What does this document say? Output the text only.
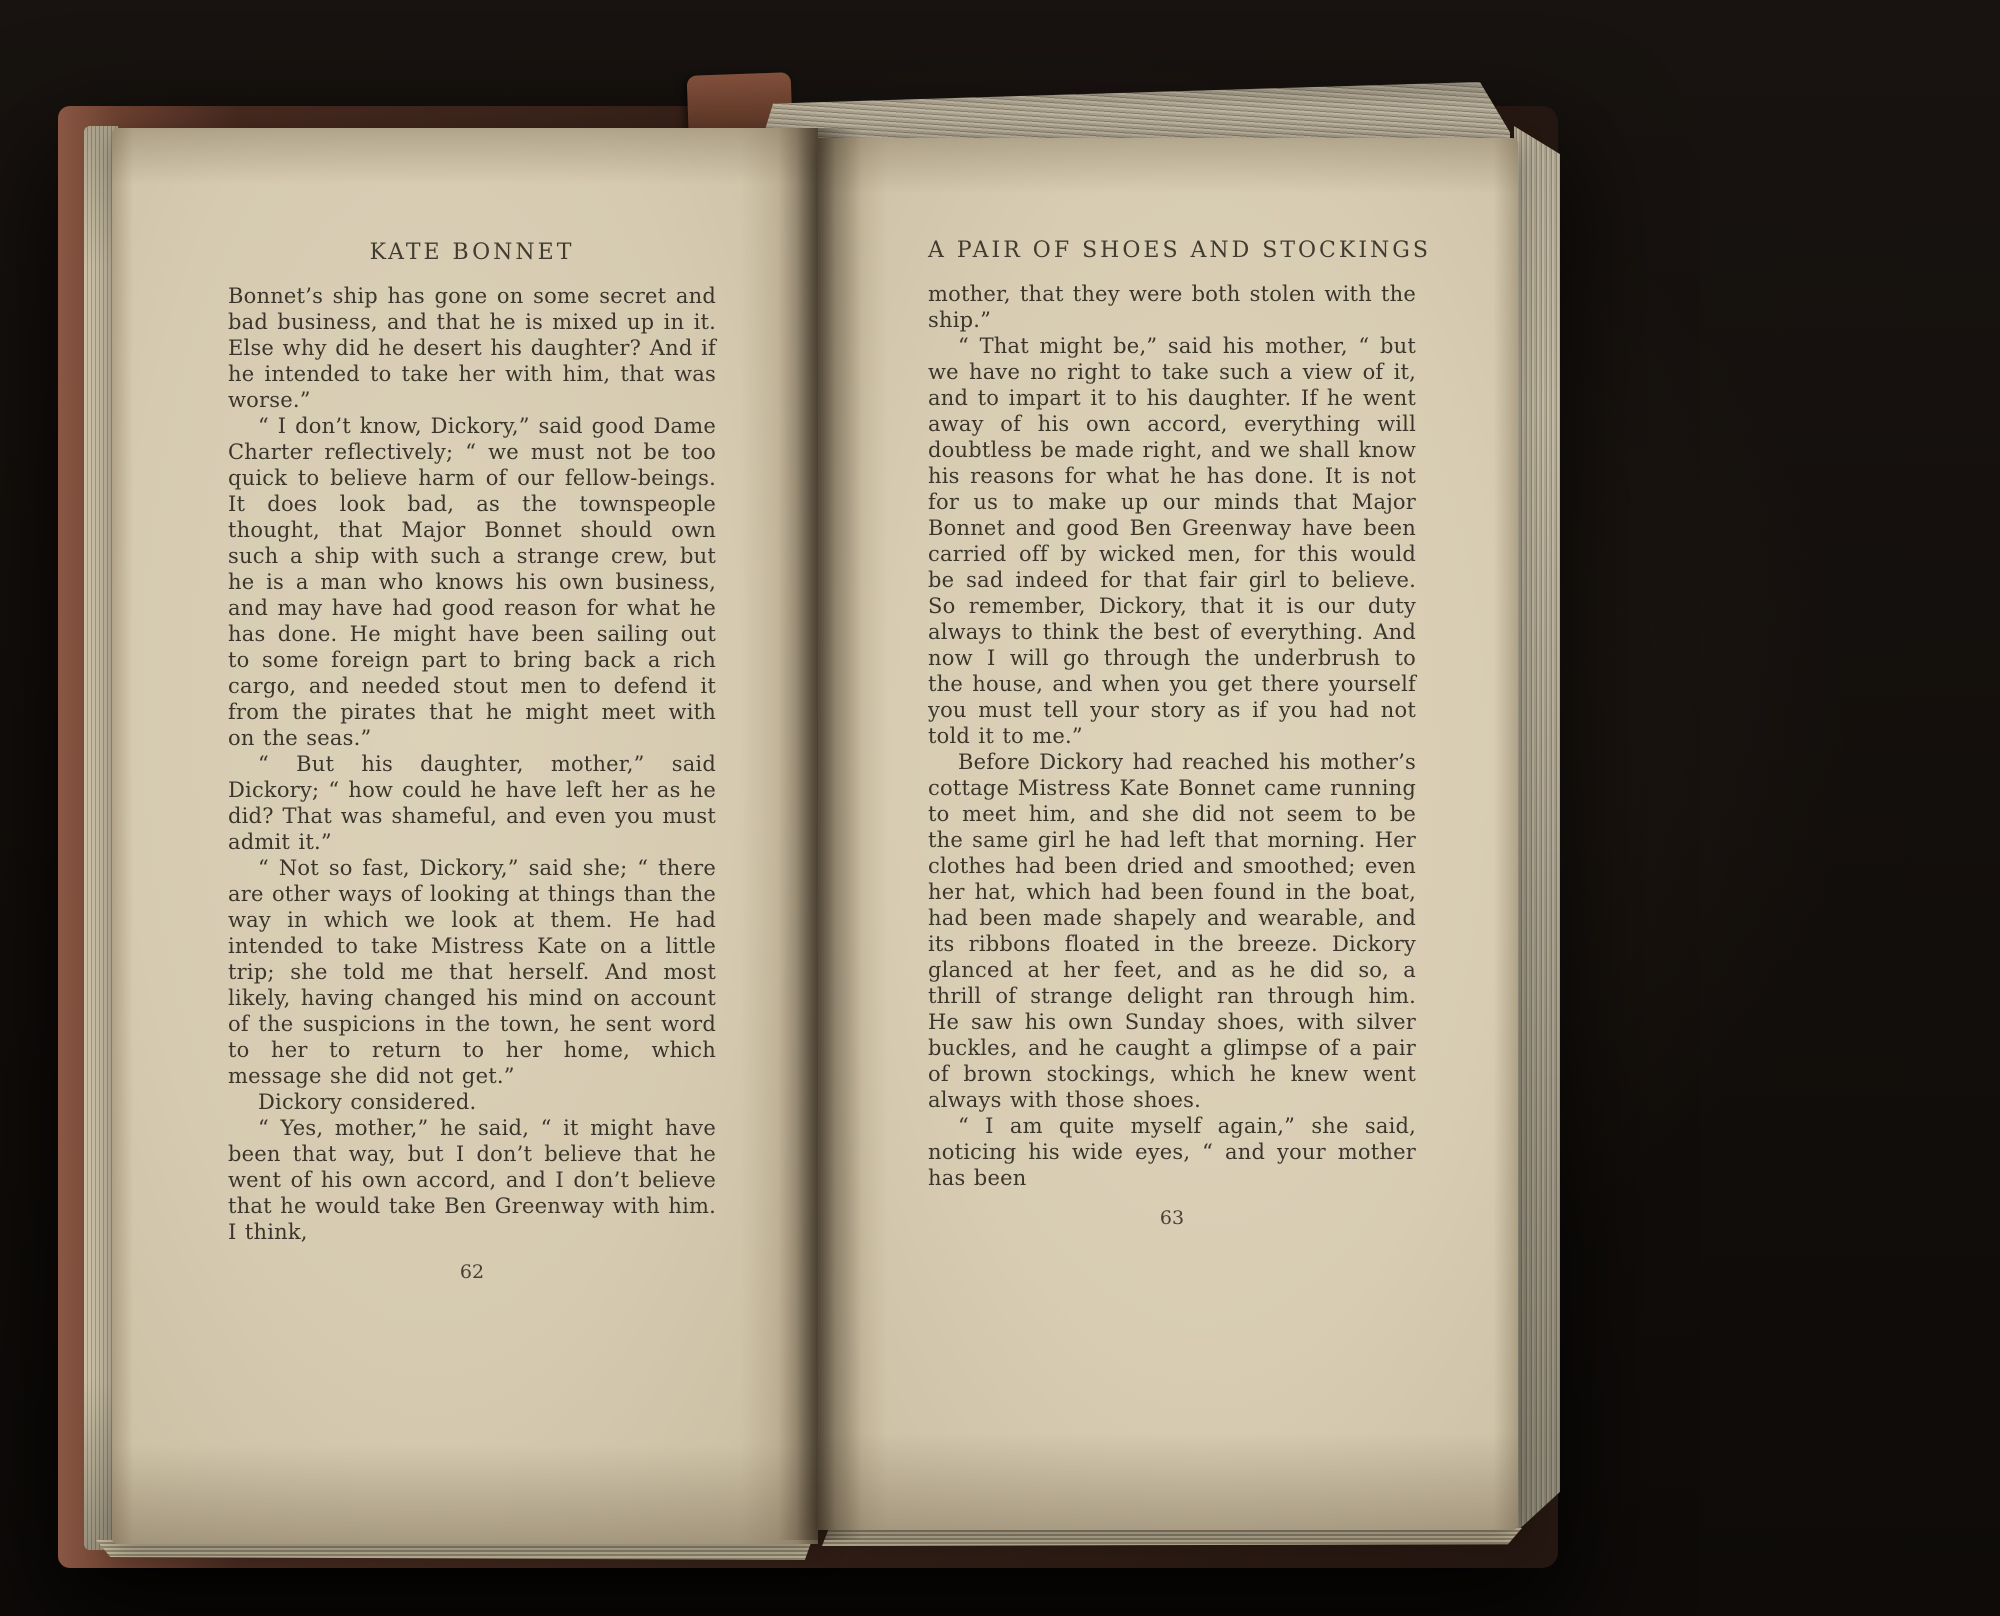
KATE BONNET

Bonnet’s ship has gone on some secret and bad business, and that he is mixed up in it. Else why did he desert his daughter? And if he intended to take her with him, that was worse.”

“ I don’t know, Dickory,” said good Dame Charter reflectively; “ we must not be too quick to believe harm of our fellow-beings. It does look bad, as the townspeople thought, that Major Bonnet should own such a ship with such a strange crew, but he is a man who knows his own business, and may have had good reason for what he has done. He might have been sailing out to some foreign part to bring back a rich cargo, and needed stout men to defend it from the pirates that he might meet with on the seas.”

“ But his daughter, mother,” said Dickory; “ how could he have left her as he did? That was shameful, and even you must admit it.”

“ Not so fast, Dickory,” said she; “ there are other ways of looking at things than the way in which we look at them. He had intended to take Mistress Kate on a little trip; she told me that herself. And most likely, having changed his mind on account of the suspicions in the town, he sent word to her to return to her home, which message she did not get.”

Dickory considered.

“ Yes, mother,” he said, “ it might have been that way, but I don’t believe that he went of his own accord, and I don’t believe that he would take Ben Greenway with him. I think,

62
A PAIR OF SHOES AND STOCKINGS

mother, that they were both stolen with the ship.”

“ That might be,” said his mother, “ but we have no right to take such a view of it, and to impart it to his daughter. If he went away of his own accord, everything will doubtless be made right, and we shall know his reasons for what he has done. It is not for us to make up our minds that Major Bonnet and good Ben Greenway have been carried off by wicked men, for this would be sad indeed for that fair girl to believe. So remember, Dickory, that it is our duty always to think the best of everything. And now I will go through the underbrush to the house, and when you get there yourself you must tell your story as if you had not told it to me.”

Before Dickory had reached his mother’s cottage Mistress Kate Bonnet came running to meet him, and she did not seem to be the same girl he had left that morning. Her clothes had been dried and smoothed; even her hat, which had been found in the boat, had been made shapely and wearable, and its ribbons floated in the breeze. Dickory glanced at her feet, and as he did so, a thrill of strange delight ran through him. He saw his own Sunday shoes, with silver buckles, and he caught a glimpse of a pair of brown stockings, which he knew went always with those shoes.

“ I am quite myself again,” she said, noticing his wide eyes, “ and your mother has been

63
